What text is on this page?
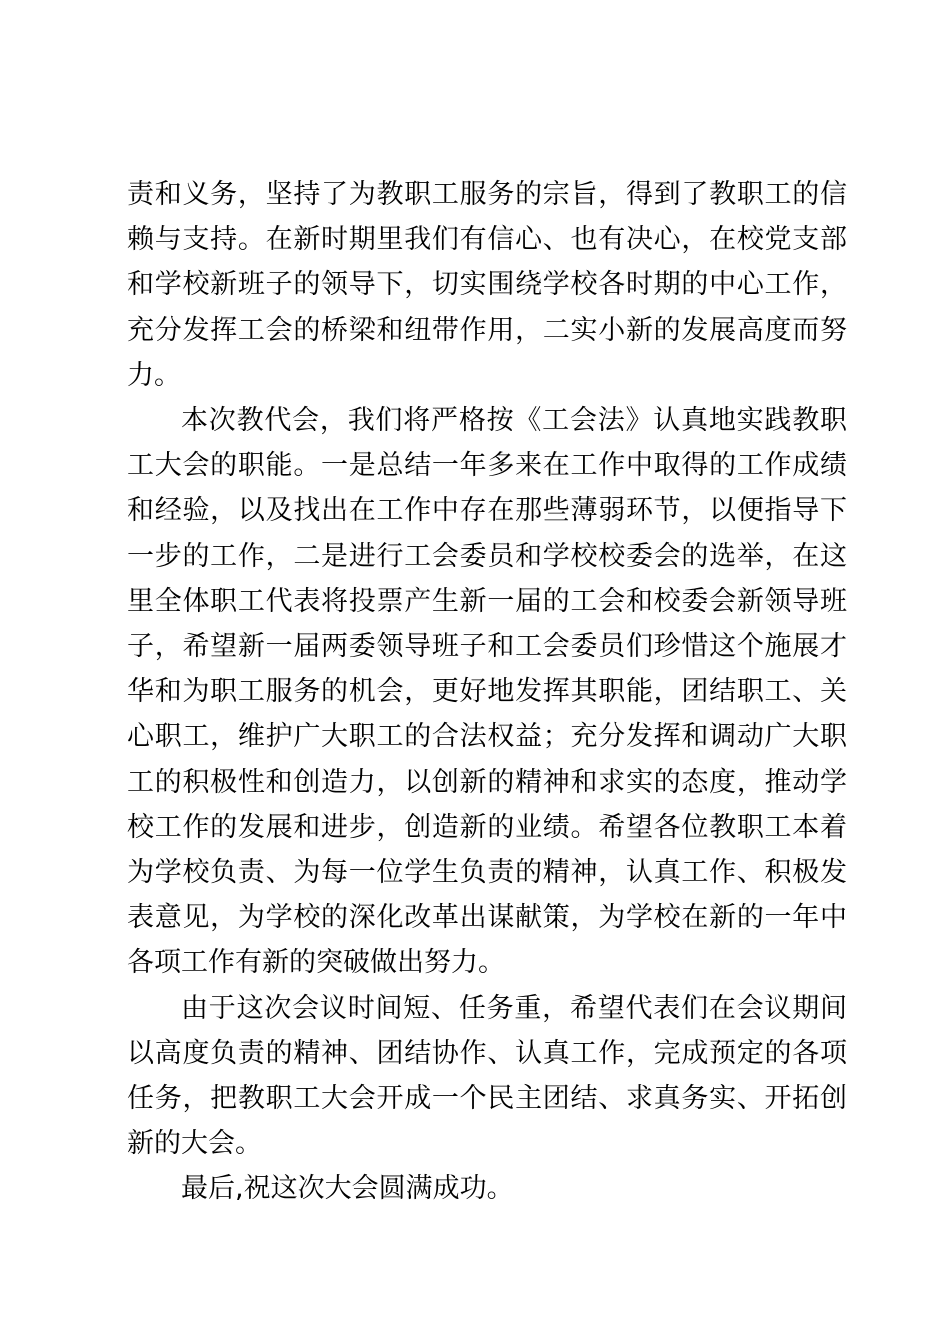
责和义务，坚持了为教职工服务的宗旨，得到了教职工的信赖与支持。在新时期里我们有信心、也有决心，在校党支部和学校新班子的领导下，切实围绕学校各时期的中心工作，充分发挥工会的桥梁和纽带作用，二实小新的发展高度而努力。

本次教代会，我们将严格按《工会法》认真地实践教职工大会的职能。一是总结一年多来在工作中取得的工作成绩和经验，以及找出在工作中存在那些薄弱环节，以便指导下一步的工作，二是进行工会委员和学校校委会的选举，在这里全体职工代表将投票产生新一届的工会和校委会新领导班子，希望新一届两委领导班子和工会委员们珍惜这个施展才华和为职工服务的机会，更好地发挥其职能，团结职工、关心职工，维护广大职工的合法权益；充分发挥和调动广大职工的积极性和创造力，以创新的精神和求实的态度，推动学校工作的发展和进步，创造新的业绩。希望各位教职工本着为学校负责、为每一位学生负责的精神，认真工作、积极发表意见，为学校的深化改革出谋献策，为学校在新的一年中各项工作有新的突破做出努力。

由于这次会议时间短、任务重，希望代表们在会议期间以高度负责的精神、团结协作、认真工作，完成预定的各项任务，把教职工大会开成一个民主团结、求真务实、开拓创新的大会。

最后,祝这次大会圆满成功。
